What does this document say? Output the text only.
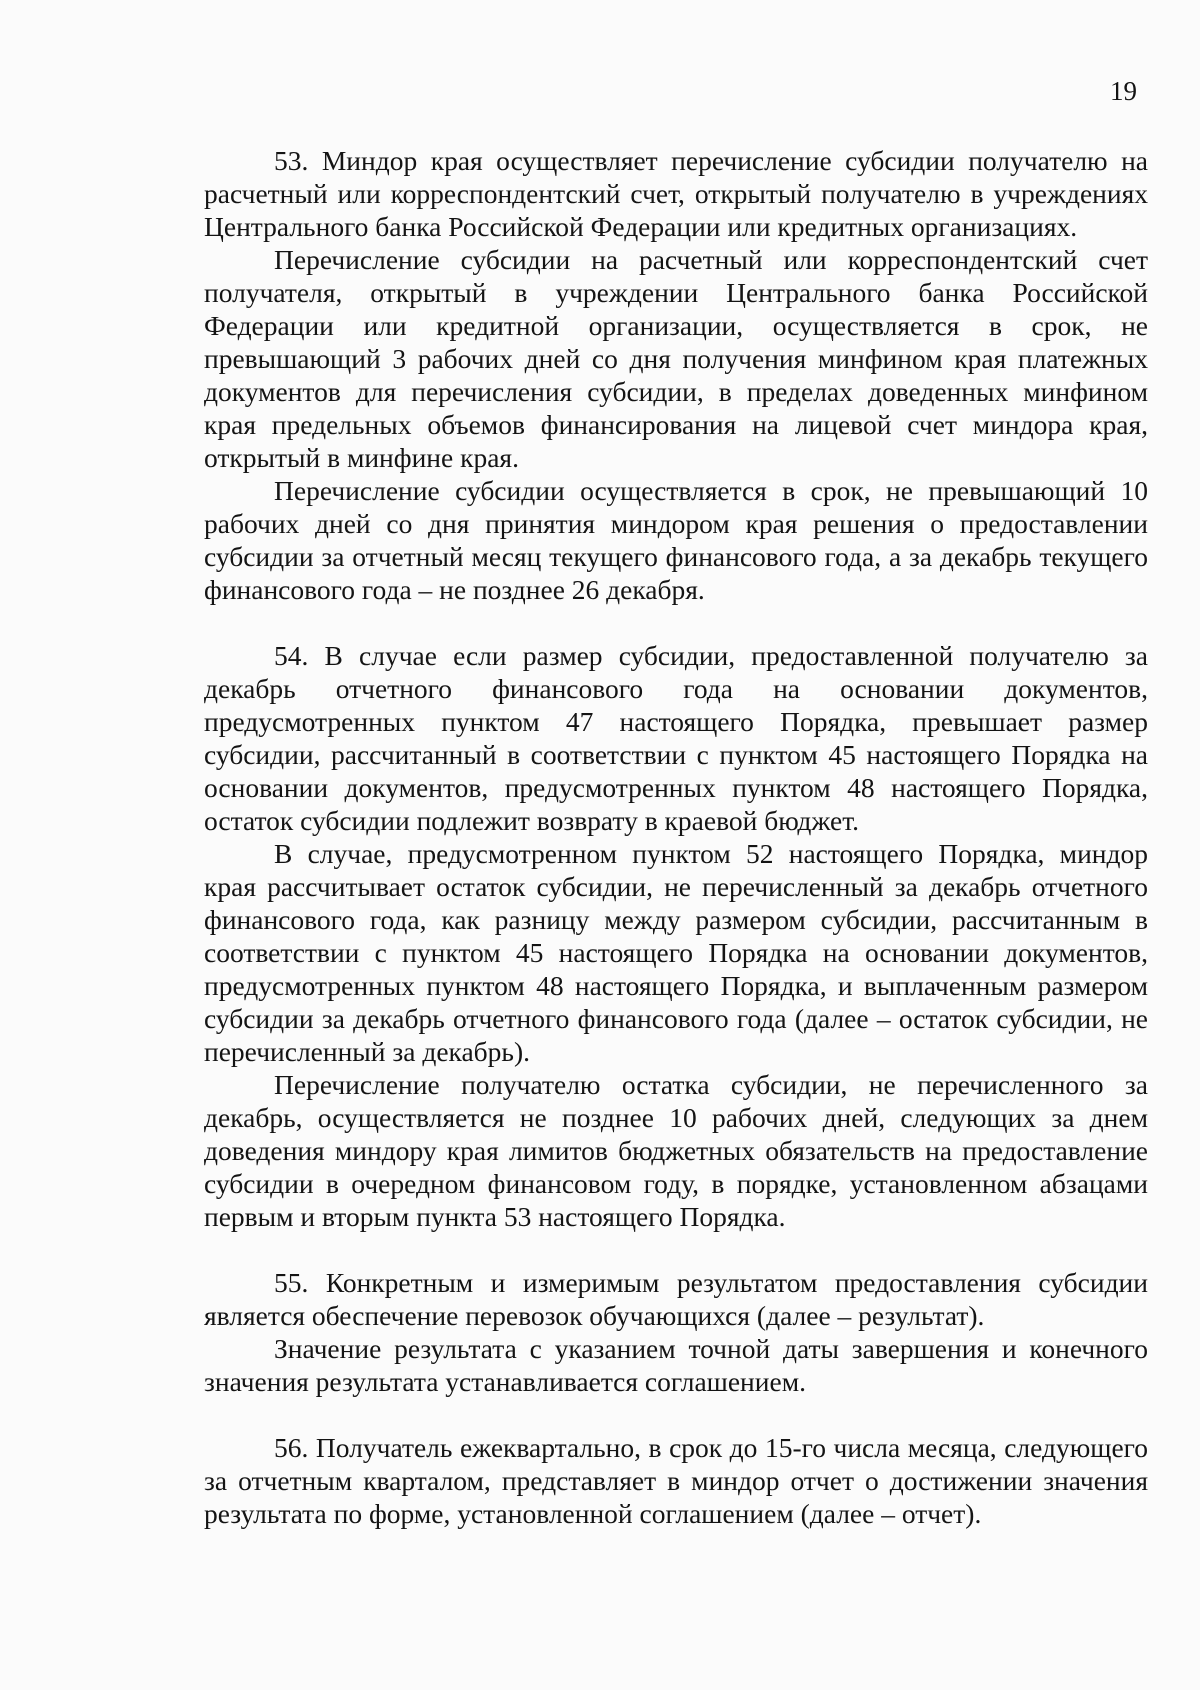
19

53. Миндор края осуществляет перечисление субсидии получателю на расчетный или корреспондентский счет, открытый получателю в учреждениях Центрального банка Российской Федерации или кредитных организациях.

Перечисление субсидии на расчетный или корреспондентский счет получателя, открытый в учреждении Центрального банка Российской Федерации или кредитной организации, осуществляется в срок, не превышающий 3 рабочих дней со дня получения минфином края платежных документов для перечисления субсидии, в пределах доведенных минфином края предельных объемов финансирования на лицевой счет миндора края, открытый в минфине края.

Перечисление субсидии осуществляется в срок, не превышающий 10 рабочих дней со дня принятия миндором края решения о предоставлении субсидии за отчетный месяц текущего финансового года, а за декабрь текущего финансового года – не позднее 26 декабря.

54. В случае если размер субсидии, предоставленной получателю за декабрь отчетного финансового года на основании документов, предусмотренных пунктом 47 настоящего Порядка, превышает размер субсидии, рассчитанный в соответствии с пунктом 45 настоящего Порядка на основании документов, предусмотренных пунктом 48 настоящего Порядка, остаток субсидии подлежит возврату в краевой бюджет.

В случае, предусмотренном пунктом 52 настоящего Порядка, миндор края рассчитывает остаток субсидии, не перечисленный за декабрь отчетного финансового года, как разницу между размером субсидии, рассчитанным в соответствии с пунктом 45 настоящего Порядка на основании документов, предусмотренных пунктом 48 настоящего Порядка, и выплаченным размером субсидии за декабрь отчетного финансового года (далее – остаток субсидии, не перечисленный за декабрь).

Перечисление получателю остатка субсидии, не перечисленного за декабрь, осуществляется не позднее 10 рабочих дней, следующих за днем доведения миндору края лимитов бюджетных обязательств на предоставление субсидии в очередном финансовом году, в порядке, установленном абзацами первым и вторым пункта 53 настоящего Порядка.

55. Конкретным и измеримым результатом предоставления субсидии является обеспечение перевозок обучающихся (далее – результат).

Значение результата с указанием точной даты завершения и конечного значения результата устанавливается соглашением.

56. Получатель ежеквартально, в срок до 15-го числа месяца, следующего за отчетным кварталом, представляет в миндор отчет о достижении значения результата по форме, установленной соглашением (далее – отчет).
